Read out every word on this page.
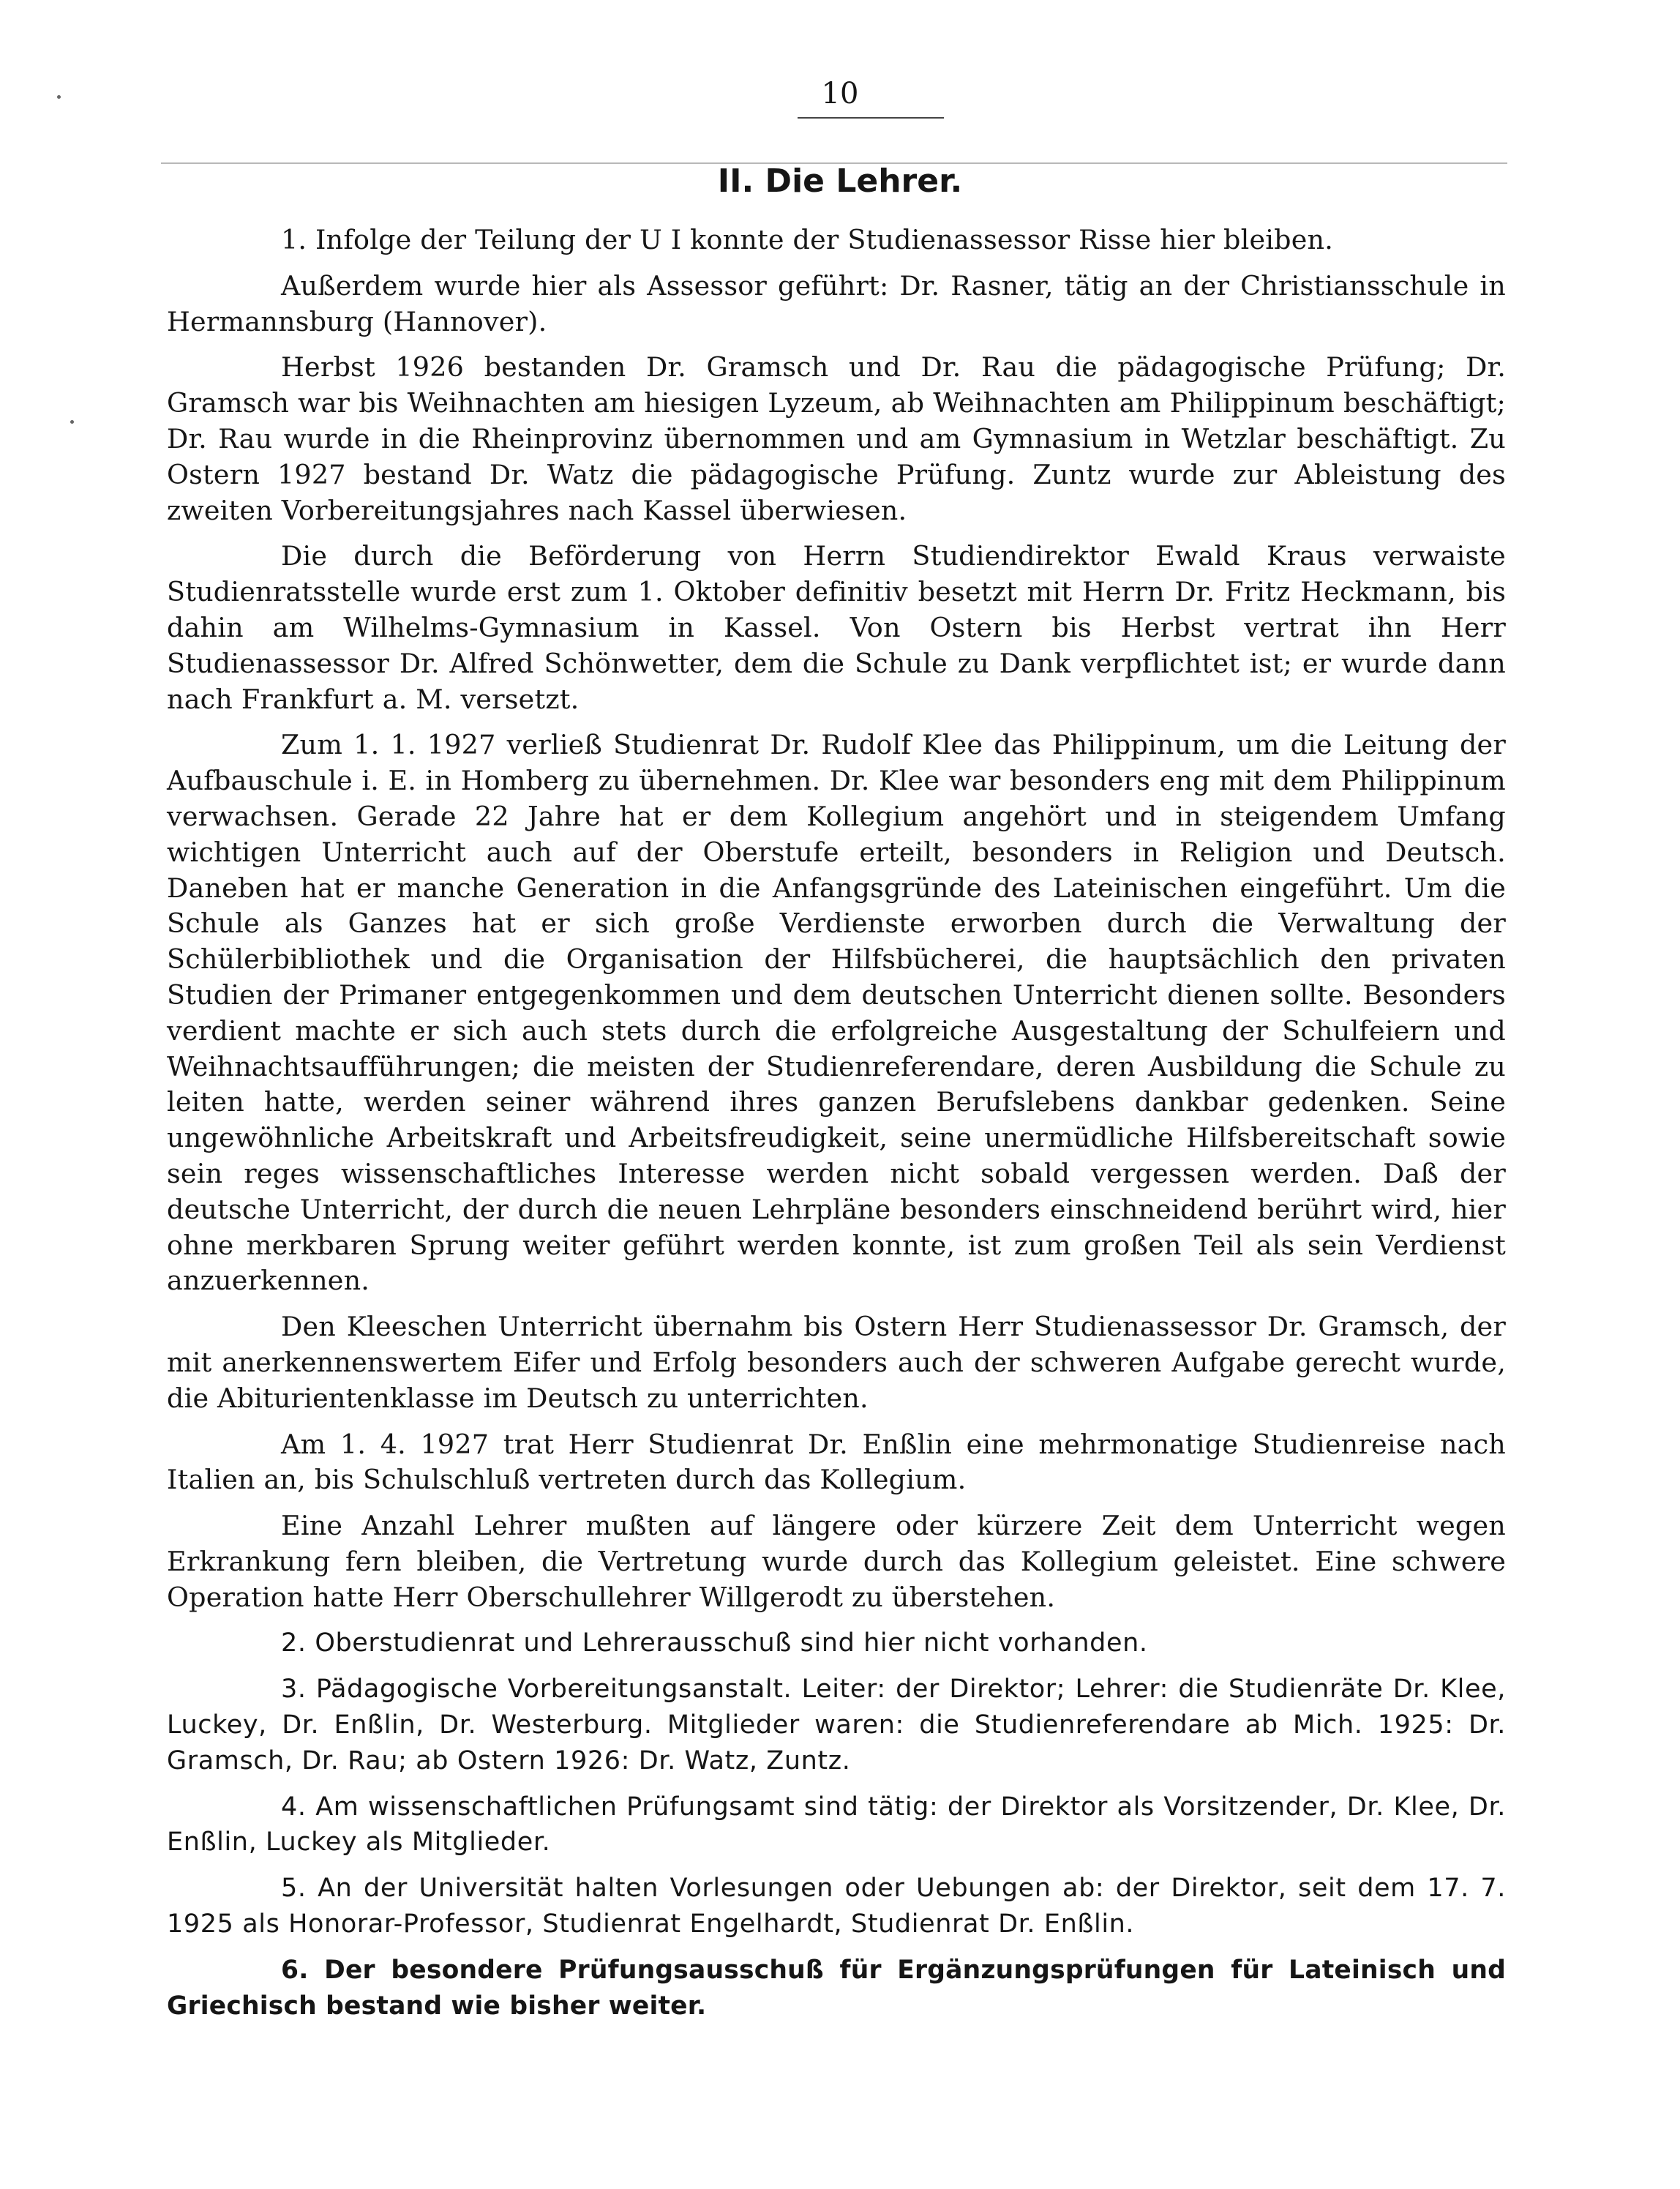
10
II. Die Lehrer.

1. Infolge der Teilung der U I konnte der Studienassessor Risse hier bleiben.

Außerdem wurde hier als Assessor geführt: Dr. Rasner, tätig an der Christiansschule in Hermannsburg (Hannover).

Herbst 1926 bestanden Dr. Gramsch und Dr. Rau die pädagogische Prüfung; Dr. Gramsch war bis Weihnachten am hiesigen Lyzeum, ab Weihnachten am Philippinum beschäftigt; Dr. Rau wurde in die Rheinprovinz übernommen und am Gymnasium in Wetzlar beschäftigt. Zu Ostern 1927 bestand Dr. Watz die pädagogische Prüfung. Zuntz wurde zur Ableistung des zweiten Vorbereitungsjahres nach Kassel überwiesen.

Die durch die Beförderung von Herrn Studiendirektor Ewald Kraus verwaiste Studienratsstelle wurde erst zum 1. Oktober definitiv besetzt mit Herrn Dr. Fritz Heckmann, bis dahin am Wilhelms-Gymnasium in Kassel. Von Ostern bis Herbst vertrat ihn Herr Studienassessor Dr. Alfred Schönwetter, dem die Schule zu Dank verpflichtet ist; er wurde dann nach Frankfurt a. M. versetzt.

Zum 1. 1. 1927 verließ Studienrat Dr. Rudolf Klee das Philippinum, um die Leitung der Aufbauschule i. E. in Homberg zu übernehmen. Dr. Klee war besonders eng mit dem Philippinum verwachsen. Gerade 22 Jahre hat er dem Kollegium angehört und in steigendem Umfang wichtigen Unterricht auch auf der Oberstufe erteilt, besonders in Religion und Deutsch. Daneben hat er manche Generation in die Anfangsgründe des Lateinischen eingeführt. Um die Schule als Ganzes hat er sich große Verdienste erworben durch die Verwaltung der Schülerbibliothek und die Organisation der Hilfsbücherei, die hauptsächlich den privaten Studien der Primaner entgegenkommen und dem deutschen Unterricht dienen sollte. Besonders verdient machte er sich auch stets durch die erfolgreiche Ausgestaltung der Schulfeiern und Weihnachtsaufführungen; die meisten der Studienreferendare, deren Ausbildung die Schule zu leiten hatte, werden seiner während ihres ganzen Berufslebens dankbar gedenken. Seine ungewöhnliche Arbeitskraft und Arbeitsfreudigkeit, seine unermüdliche Hilfsbereitschaft sowie sein reges wissenschaftliches Interesse werden nicht sobald vergessen werden. Daß der deutsche Unterricht, der durch die neuen Lehrpläne besonders einschneidend berührt wird, hier ohne merkbaren Sprung weiter geführt werden konnte, ist zum großen Teil als sein Verdienst anzuerkennen.

Den Kleeschen Unterricht übernahm bis Ostern Herr Studienassessor Dr. Gramsch, der mit anerkennenswertem Eifer und Erfolg besonders auch der schweren Aufgabe gerecht wurde, die Abiturientenklasse im Deutsch zu unterrichten.

Am 1. 4. 1927 trat Herr Studienrat Dr. Enßlin eine mehrmonatige Studienreise nach Italien an, bis Schulschluß vertreten durch das Kollegium.

Eine Anzahl Lehrer mußten auf längere oder kürzere Zeit dem Unterricht wegen Erkrankung fern bleiben, die Vertretung wurde durch das Kollegium geleistet. Eine schwere Operation hatte Herr Oberschullehrer Willgerodt zu überstehen.

2. Oberstudienrat und Lehrerausschuß sind hier nicht vorhanden.

3. Pädagogische Vorbereitungsanstalt. Leiter: der Direktor; Lehrer: die Studienräte Dr. Klee, Luckey, Dr. Enßlin, Dr. Westerburg. Mitglieder waren: die Studienreferendare ab Mich. 1925: Dr. Gramsch, Dr. Rau; ab Ostern 1926: Dr. Watz, Zuntz.

4. Am wissenschaftlichen Prüfungsamt sind tätig: der Direktor als Vorsitzender, Dr. Klee, Dr. Enßlin, Luckey als Mitglieder.

5. An der Universität halten Vorlesungen oder Uebungen ab: der Direktor, seit dem 17. 7. 1925 als Honorar-Professor, Studienrat Engelhardt, Studienrat Dr. Enßlin.

6. Der besondere Prüfungsausschuß für Ergänzungsprüfungen für Lateinisch und Griechisch bestand wie bisher weiter.
